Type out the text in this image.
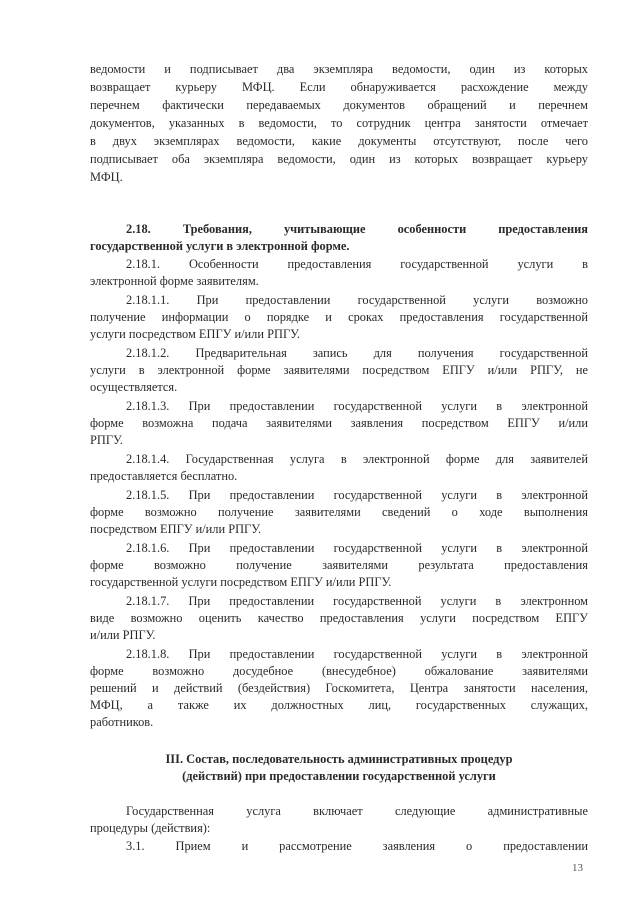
ведомости и подписывает два экземпляра ведомости, один из которых
возвращает курьеру МФЦ. Если обнаруживается расхождение между
перечнем фактически передаваемых документов обращений и перечнем
документов, указанных в ведомости, то сотрудник центра занятости отмечает
в двух экземплярах ведомости, какие документы отсутствуют, после чего
подписывает оба экземпляра ведомости, один из которых возвращает курьеру
МФЦ.
2.18. Требования, учитывающие особенности предоставления
государственной услуги в электронной форме.
2.18.1. Особенности предоставления государственной услуги в
электронной форме заявителям.
2.18.1.1. При предоставлении государственной услуги возможно
получение информации о порядке и сроках предоставления государственной
услуги посредством ЕПГУ и/или РПГУ.
2.18.1.2. Предварительная запись для получения государственной
услуги в электронной форме заявителями посредством ЕПГУ и/или РПГУ, не
осуществляется.
2.18.1.3. При предоставлении государственной услуги в электронной
форме возможна подача заявителями заявления посредством ЕПГУ и/или
РПГУ.
2.18.1.4. Государственная услуга в электронной форме для заявителей
предоставляется бесплатно.
2.18.1.5. При предоставлении государственной услуги в электронной
форме возможно получение заявителями сведений о ходе выполнения
посредством ЕПГУ и/или РПГУ.
2.18.1.6. При предоставлении государственной услуги в электронной
форме возможно получение заявителями результата предоставления
государственной услуги посредством ЕПГУ и/или РПГУ.
2.18.1.7. При предоставлении государственной услуги в электронном
виде возможно оценить качество предоставления услуги посредством ЕПГУ
и/или РПГУ.
2.18.1.8. При предоставлении государственной услуги в электронной
форме возможно досудебное (внесудебное) обжалование заявителями
решений и действий (бездействия) Госкомитета, Центра занятости населения,
МФЦ, а также их должностных лиц, государственных служащих,
работников.
III. Состав, последовательность административных процедур
(действий) при предоставлении государственной услуги
Государственная услуга включает следующие административные
процедуры (действия):
3.1. Прием и рассмотрение заявления о предоставлении
13
